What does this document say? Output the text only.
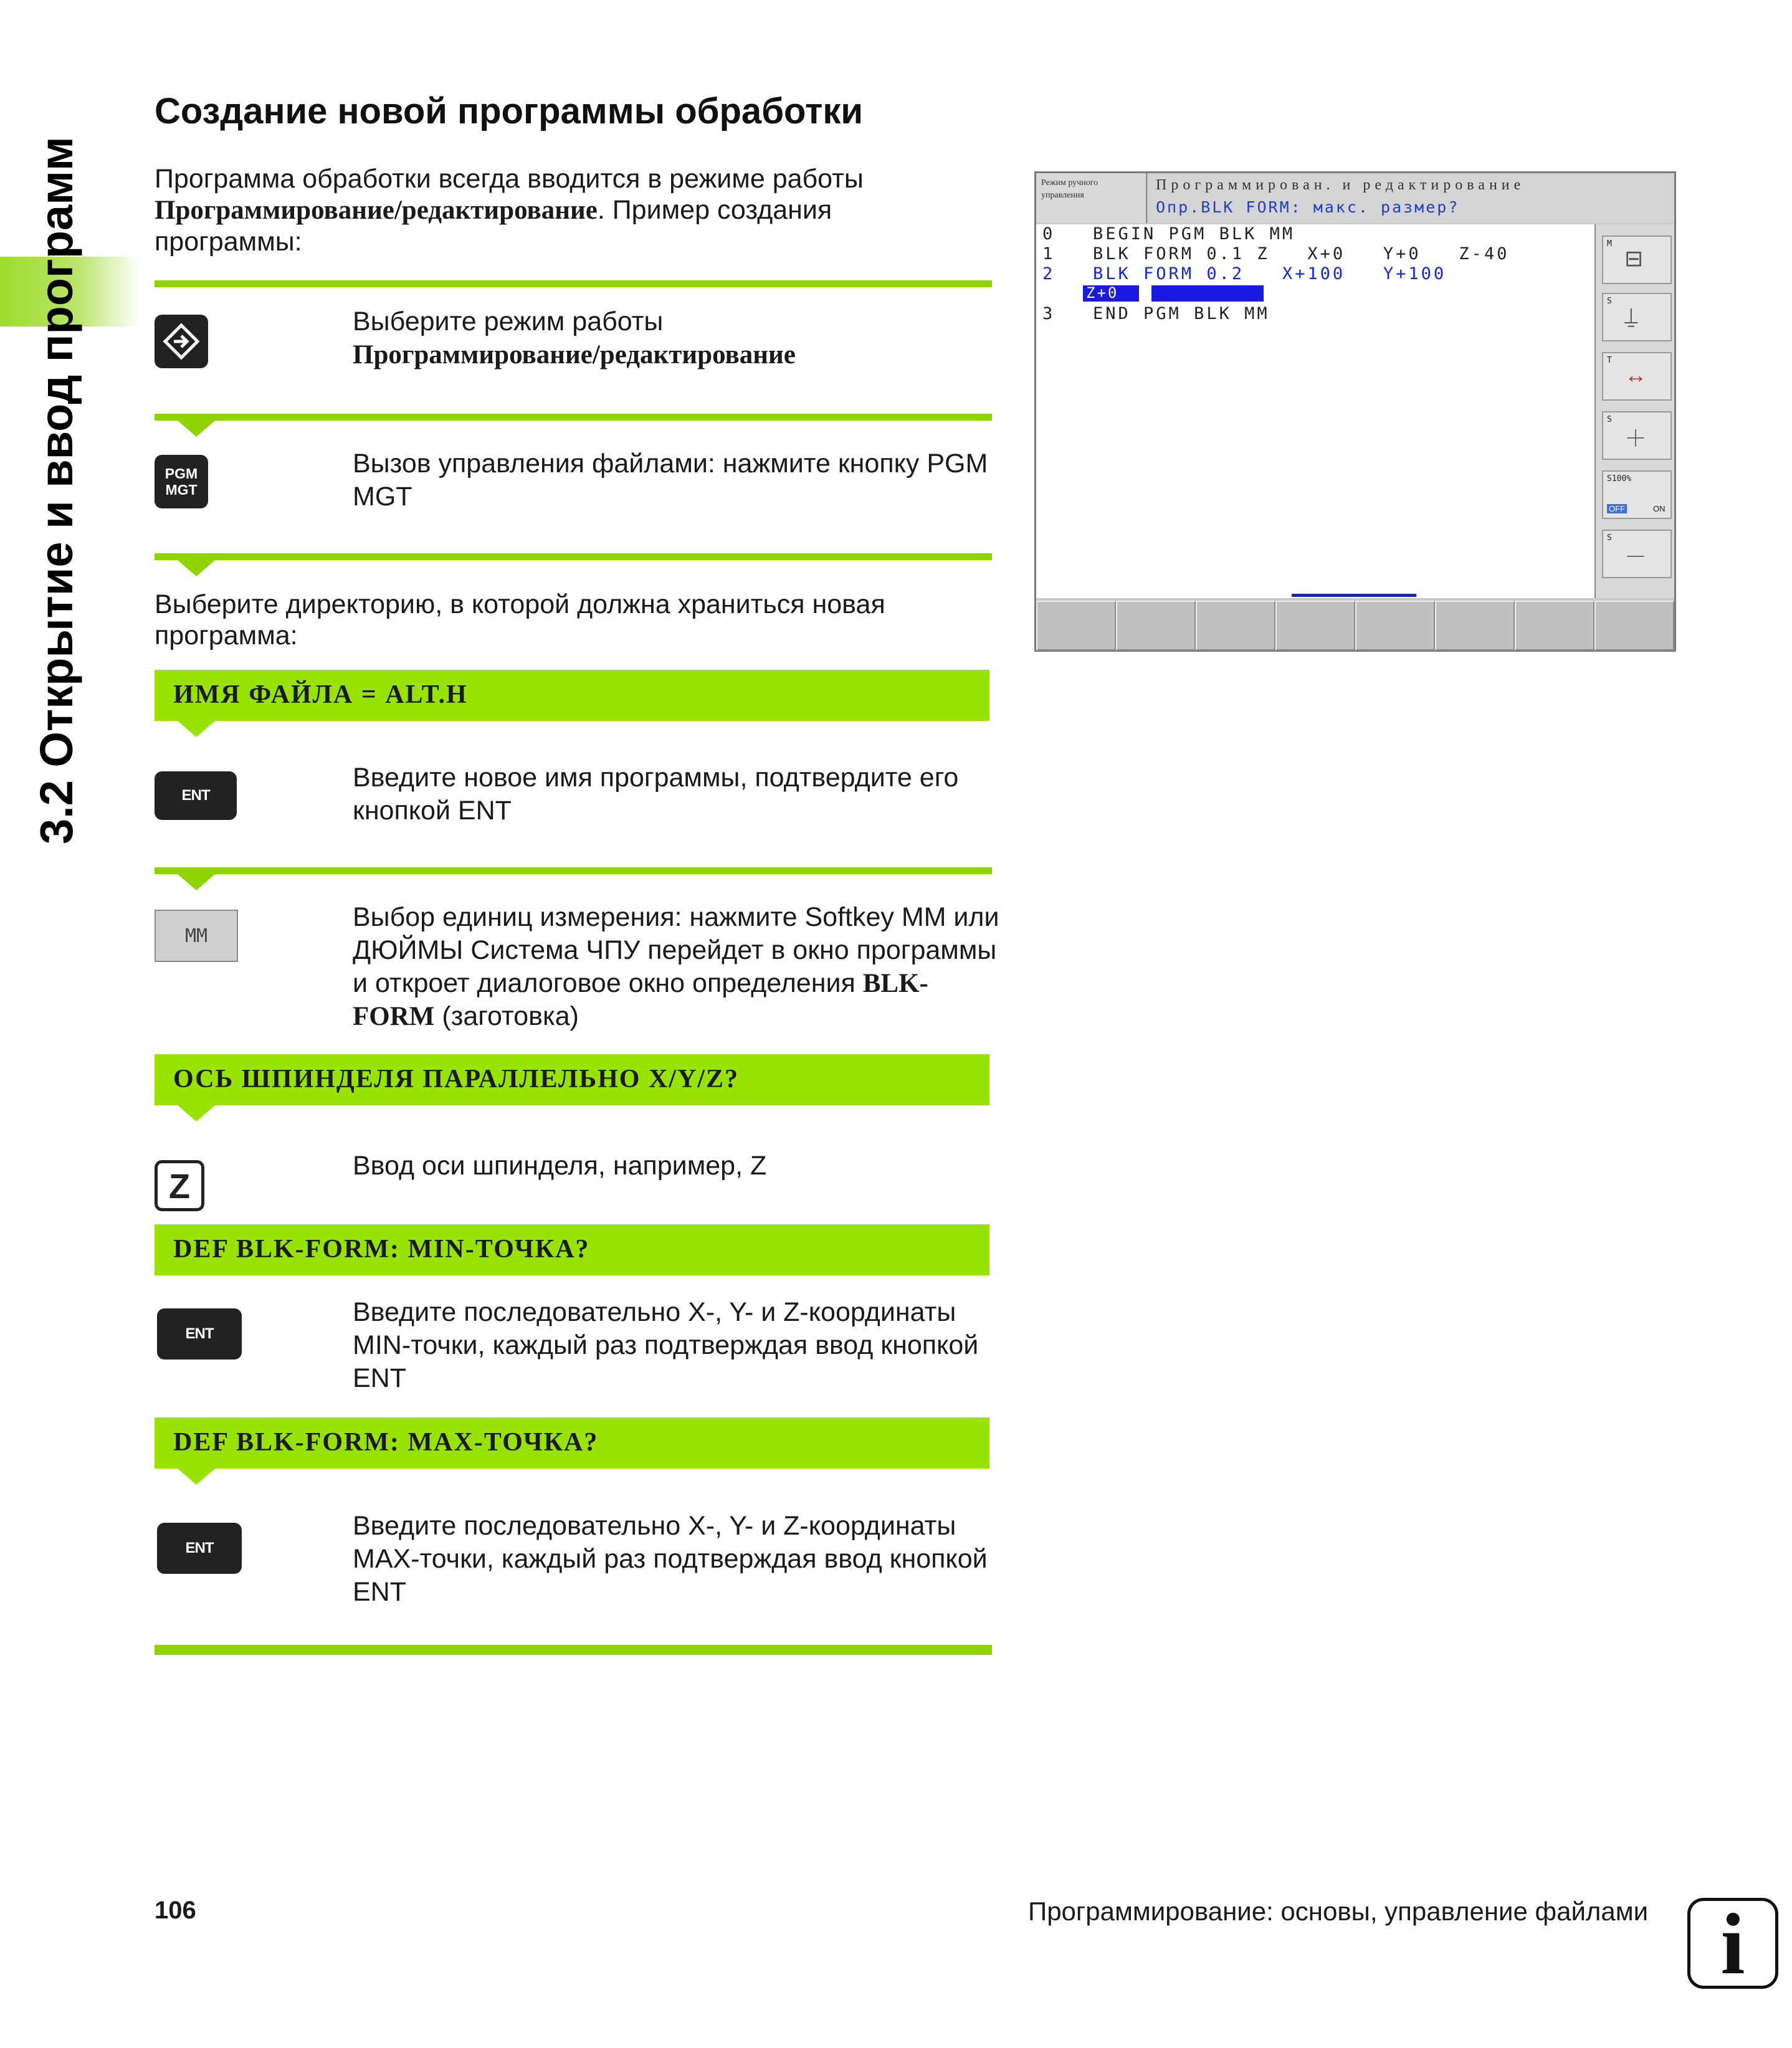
3.2 Открытие и ввод программ
Создание новой программы обработки
Программа обработки всегда вводится в режиме работы
Программирование/редактирование. Пример создания программы:
Выберите режим работы
Программирование/редактирование
PGM MGT
Вызов управления файлами: нажмите кнопку PGM MGT
Выберите директорию, в которой должна храниться новая программа:
ИМЯ ФАЙЛА = ALT.H
ENT
Введите новое имя программы, подтвердите его кнопкой ENT
MM
Выбор единиц измерения: нажмите Softkey MM или ДЮЙМЫ Система ЧПУ перейдет в окно программы и откроет диалоговое окно определения BLK-FORM (заготовка)
ОСЬ ШПИНДЕЛЯ ПАРАЛЛЕЛЬНО X/Y/Z?
Z
Ввод оси шпинделя, например, Z
DEF BLK-FORM: MIN-ТОЧКА?
ENT
Введите последовательно X-, Y- и Z-координаты MIN-точки, каждый раз подтверждая ввод кнопкой ENT
DEF BLK-FORM: MAX-ТОЧКА?
ENT
Введите последовательно X-, Y- и Z-координаты MAX-точки, каждый раз подтверждая ввод кнопкой ENT
Режим ручного управления
Программирован. и редактирование
Опр.BLK FORM: макс. размер?
0   BEGIN PGM BLK MM
1   BLK FORM 0.1 Z   X+0   Y+0   Z-40
2   BLK FORM 0.2   X+100   Y+100
Z+0
3   END PGM BLK MM
M
⊟
S
⍊
T
↔
S
＋
S100%
OFF	ON
S
－
106	Программирование: основы, управление файлами i
